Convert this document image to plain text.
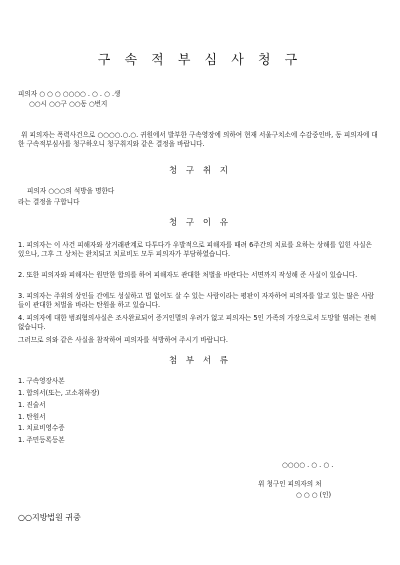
구 속 적 부 심 사 청 구
피의자 ○ ○ ○ ○○○○ . ○ . ○ .생
○○시 ○○구 ○○동 ○번지
위 피의자는 폭력사건으로 ○○○○.○.○. 귀원에서 발부한 구속영장에 의하여 현재 서울구치소에 수감중인바, 동 피의자에 대한 구속적부심사를 청구하오니 청구취지와 같은 결정을 바랍니다.
청 구 취 지
피의자 ○○○의 석방을 명한다
라는 결정을 구합니다
청 구 이 유
1. 피의자는 이 사건 피해자와 상거래관계로 다투다가 우발적으로 피해자를 때려 6주간의 치료를 요하는 상해를 입힌 사실은 있으나, 그후 그 상처는 완치되고 치료비도 모두 피의자가 부담하였습니다.
2. 또한 피의자와 피해자는 원만한 합의를 하여 피해자도 관대한 처벌을 바란다는 서면까지 작성해 준 사실이 있습니다.
3. 피의자는 주위의 상인들 간에도 성실하고 법 없어도 살 수 있는 사람이라는 평판이 자자하여 피의자를 알고 있는 많은 사람들이 관대한 처벌을 바라는 탄원을 하고 있습니다.
4. 피의자에 대한 범죄혐의사실은 조사완료되어 증거인멸의 우려가 없고 피의자는 5인 가족의 가장으로서 도망할 염려는 전혀 없습니다.
그러므로 의와 같은 사실을 참작하여 피의자를 석방하여 주시기 바랍니다.
첨 부 서 류
1. 구속영장사본
1. 합의서(또는, 고소취하장)
1. 진술서
1. 탄원서
1. 치료비영수증
1. 주민등록등본
○○○○ . ○ . ○ .
위 청구인 피의자의 처
○ ○ ○ (인)
○○지방법원 귀중
